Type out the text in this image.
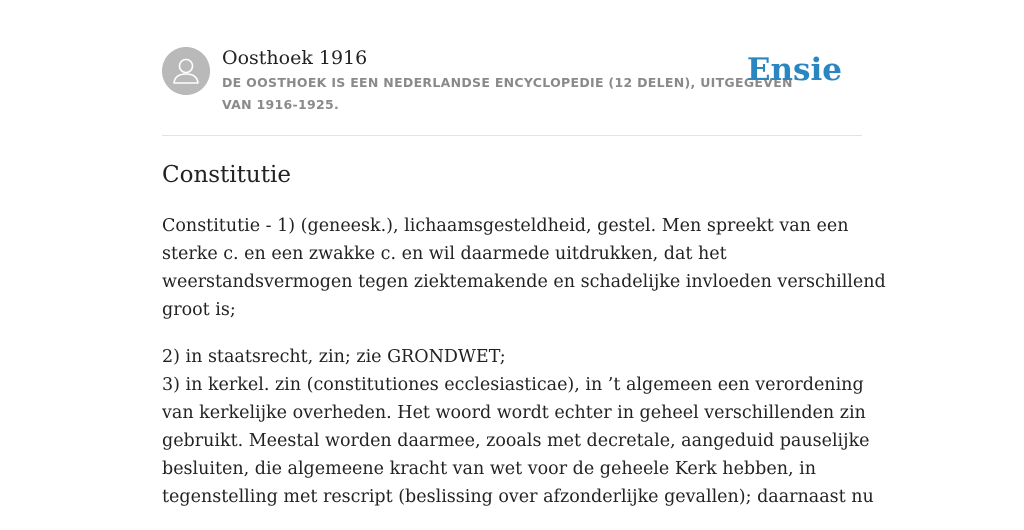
Oosthoek 1916
DE OOSTHOEK IS EEN NEDERLANDSE ENCYCLOPEDIE (12 DELEN), UITGEGEVEN
VAN 1916-1925.
Ensie
Constitutie

Constitutie - 1) (geneesk.), lichaamsgesteldheid, gestel. Men spreekt van een
sterke c. en een zwakke c. en wil daarmede uitdrukken, dat het
weerstandsvermogen tegen ziektemakende en schadelijke invloeden verschillend
groot is;

2) in staatsrecht, zin; zie GRONDWET;
3) in kerkel. zin (constitutiones ecclesiasticae), in ’t algemeen een verordening
van kerkelijke overheden. Het woord wordt echter in geheel verschillenden zin
gebruikt. Meestal worden daarmee, zooals met decretale, aangeduid pauselijke
besluiten, die algemeene kracht van wet voor de geheele Kerk hebben, in
tegenstelling met rescript (beslissing over afzonderlijke gevallen); daarnaast nu
